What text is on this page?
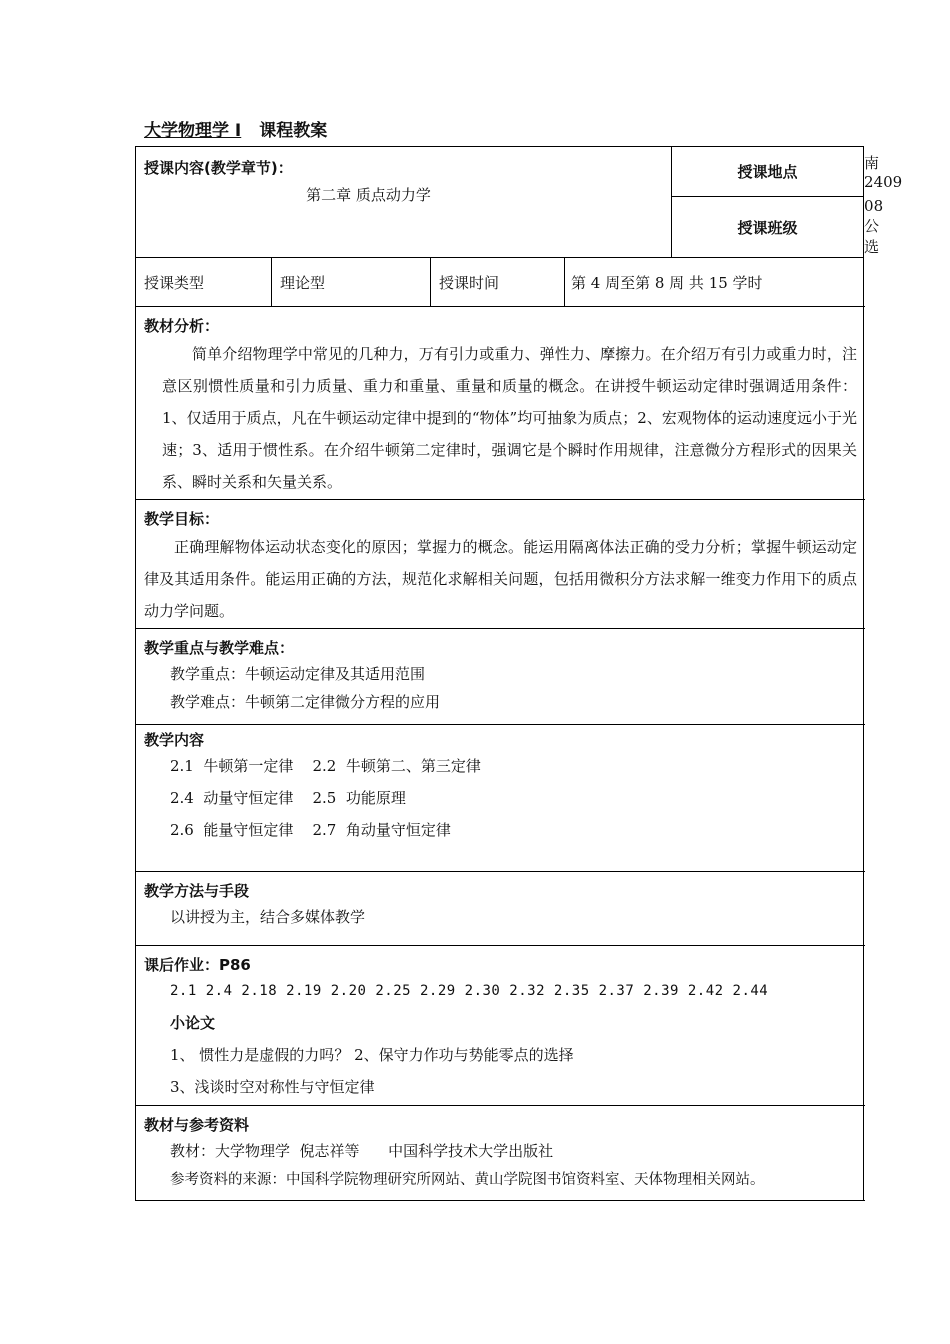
大学物理学 I 课程教案
授课内容(教学章节)：
第二章 质点动力学				授课地点	南 2409
				授课班级	08 公选
授课类型	理论型	授课时间	第 4 周至第 8 周 共 15 学时		

教材分析：

简单介绍物理学中常见的几种力，万有引力或重力、弹性力、摩擦力。在介绍万有引力或重力时，注意区别惯性质量和引力质量、重力和重量、重量和质量的概念。在讲授牛顿运动定律时强调适用条件：1、仅适用于质点，凡在牛顿运动定律中提到的“物体”均可抽象为质点；2、宏观物体的运动速度远小于光速；3、适用于惯性系。在介绍牛顿第二定律时，强调它是个瞬时作用规律，注意微分方程形式的因果关系、瞬时关系和矢量关系。					

教学目标：

正确理解物体运动状态变化的原因；掌握力的概念。能运用隔离体法正确的受力分析；掌握牛顿运动定律及其适用条件。能运用正确的方法，规范化求解相关问题，包括用微积分方法求解一维变力作用下的质点动力学问题。					

教学重点与教学难点：
教学重点：牛顿运动定律及其适用范围
教学难点：牛顿第二定律微分方程的应用					

教学内容
2.1  牛顿第一定律    2.2  牛顿第二、第三定律
2.4  动量守恒定律    2.5  功能原理
2.6  能量守恒定律    2.7  角动量守恒定律					

教学方法与手段
以讲授为主，结合多媒体教学					

课后作业：P86
2.1 2.4 2.18 2.19 2.20 2.25 2.29 2.30 2.32 2.35 2.37 2.39 2.42 2.44
小论文
1、 惯性力是虚假的力吗？ 2、保守力作功与势能零点的选择
3、浅谈时空对称性与守恒定律					

教材与参考资料
教材：大学物理学  倪志祥等      中国科学技术大学出版社
参考资料的来源：中国科学院物理研究所网站、黄山学院图书馆资料室、天体物理相关网站。					
